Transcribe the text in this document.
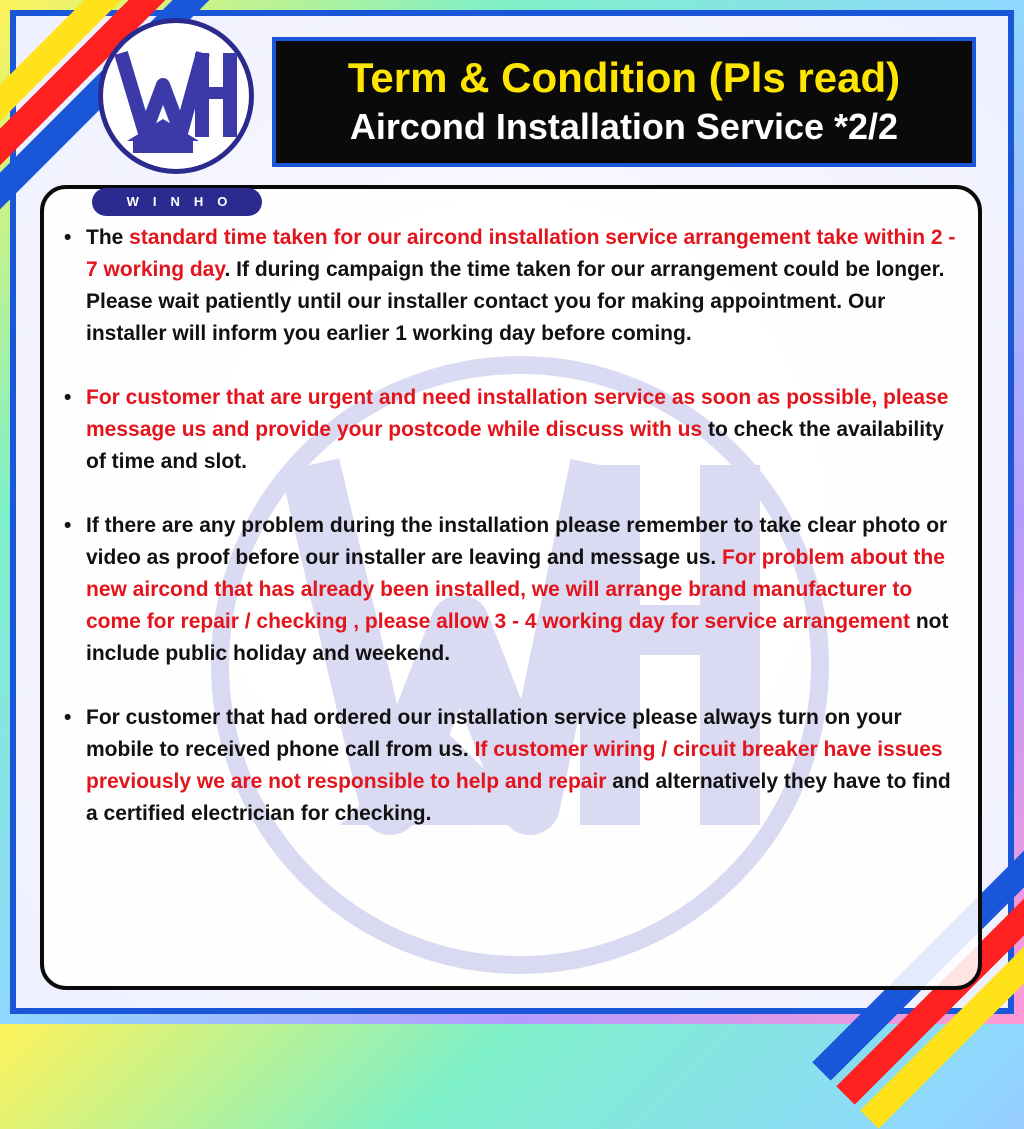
WINHO
Term & Condition (Pls read)
Aircond Installation Service *2/2
• The standard time taken for our aircond installation service arrangement take within 2 - 7 working day. If during campaign the time taken for our arrangement could be longer. Please wait patiently until our installer contact you for making appointment. Our installer will inform you earlier 1 working day before coming.
• For customer that are urgent and need installation service as soon as possible, please message us and provide your postcode while discuss with us to check the availability of time and slot.
• If there are any problem during the installation please remember to take clear photo or video as proof before our installer are leaving and message us. For problem about the new aircond that has already been installed, we will arrange brand manufacturer to come for repair / checking , please allow 3 - 4 working day for service arrangement not include public holiday and weekend.
• For customer that had ordered our installation service please always turn on your mobile to received phone call from us. If customer wiring / circuit breaker have issues previously we are not responsible to help and repair and alternatively they have to find a certified electrician for checking.
